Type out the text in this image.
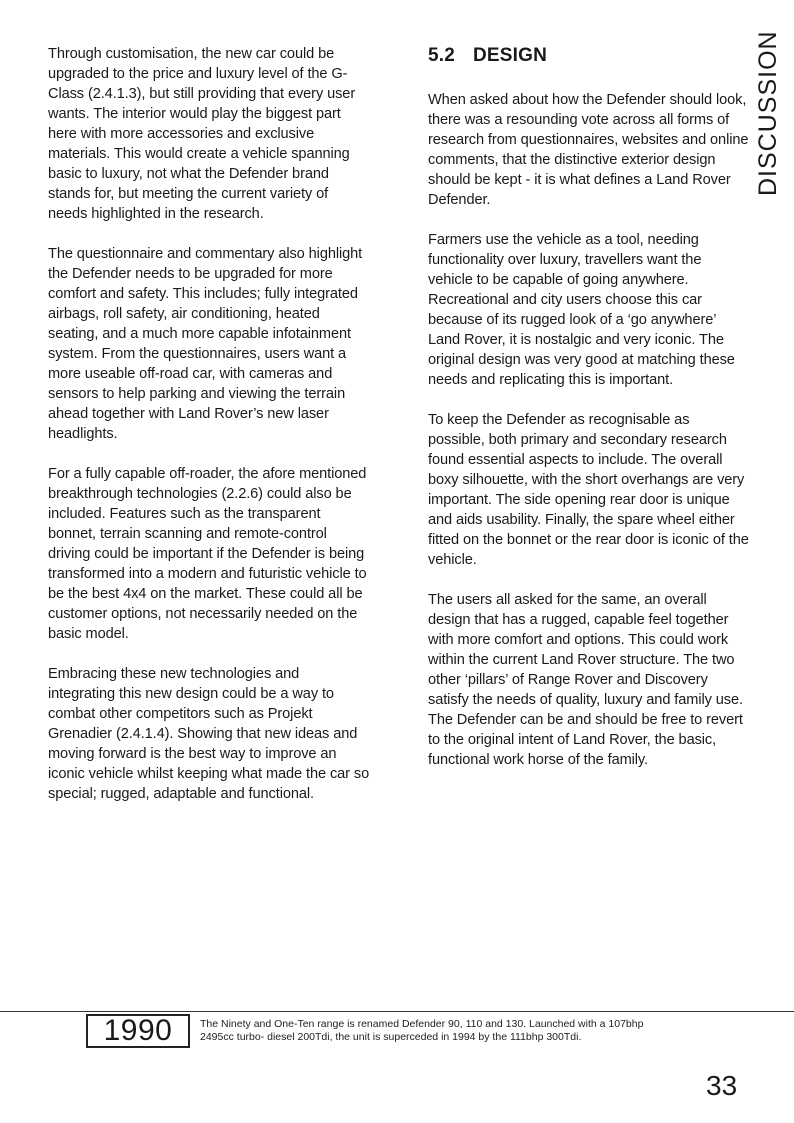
Through customisation, the new car could be upgraded to the price and luxury level of the G-Class (2.4.1.3), but still providing that every user wants. The interior would play the biggest part here with more accessories and exclusive materials. This would create a vehicle spanning basic to luxury, not what the Defender brand stands for, but meeting the current variety of needs highlighted in the research.

The questionnaire and commentary also highlight the Defender needs to be upgraded for more comfort and safety. This includes; fully integrated airbags, roll safety, air conditioning, heated seating, and a much more capable infotainment system. From the questionnaires, users want a more useable off-road car, with cameras and sensors to help parking and viewing the terrain ahead together with Land Rover’s new laser headlights.

For a fully capable off-roader, the afore mentioned breakthrough technologies (2.2.6) could also be included. Features such as the transparent bonnet, terrain scanning and remote-control driving could be important if the Defender is being transformed into a modern and futuristic vehicle to be the best 4x4 on the market. These could all be customer options, not necessarily needed on the basic model.

Embracing these new technologies and integrating this new design could be a way to combat other competitors such as Projekt Grenadier (2.4.1.4). Showing that new ideas and moving forward is the best way to improve an iconic vehicle whilst keeping what made the car so special; rugged, adaptable and functional.

5.2 DESIGN

When asked about how the Defender should look, there was a resounding vote across all forms of research from questionnaires, websites and online comments, that the distinctive exterior design should be kept - it is what defines a Land Rover Defender.

Farmers use the vehicle as a tool, needing functionality over luxury, travellers want the vehicle to be capable of going anywhere. Recreational and city users choose this car because of its rugged look of a ‘go anywhere’ Land Rover, it is nostalgic and very iconic. The original design was very good at matching these needs and replicating this is important.

To keep the Defender as recognisable as possible, both primary and secondary research found essential aspects to include. The overall boxy silhouette, with the short overhangs are very important. The side opening rear door is unique and aids usability. Finally, the spare wheel either fitted on the bonnet or the rear door is iconic of the vehicle.

The users all asked for the same, an overall design that has a rugged, capable feel together with more comfort and options. This could work within the current Land Rover structure. The two other ‘pillars’ of Range Rover and Discovery satisfy the needs of quality, luxury and family use. The Defender can be and should be free to revert to the original intent of Land Rover, the basic, functional work horse of the family.

DISCUSSION
1990	The Ninety and One-Ten range is renamed Defender 90, 110 and 130. Launched with a 107bhp 2495cc turbo- diesel 200Tdi, the unit is superceded in 1994 by the 111bhp 300Tdi.
33
